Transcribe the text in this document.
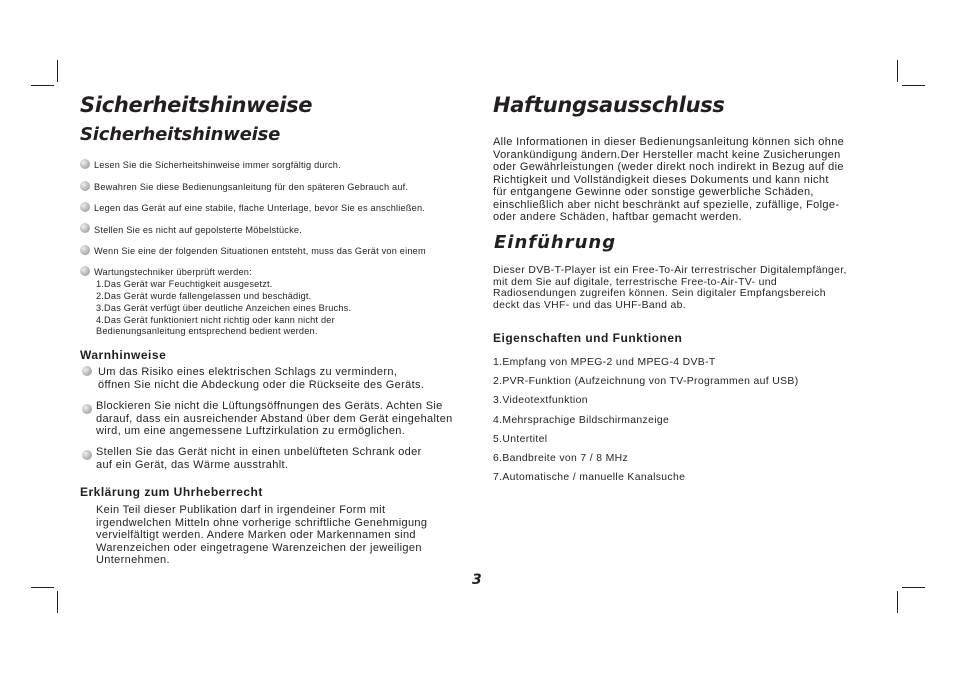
Sicherheitshinweise
Sicherheitshinweise
Lesen Sie die Sicherheitshinweise immer sorgfältig durch.
Bewahren Sie diese Bedienungsanleitung für den späteren Gebrauch auf.
Legen das Gerät auf eine stabile, flache Unterlage, bevor Sie es anschließen.
Stellen Sie es nicht auf gepolsterte Möbelstücke.
Wenn Sie eine der folgenden Situationen entsteht, muss das Gerät von einem
Wartungstechniker überprüft werden:
1.Das Gerät war Feuchtigkeit ausgesetzt.
2.Das Gerät wurde fallengelassen und beschädigt.
3.Das Gerät verfügt über deutliche Anzeichen eines Bruchs.
4.Das Gerät funktioniert nicht richtig oder kann nicht der
Bedienungsanleitung entsprechend bedient werden.
Warnhinweise
Um das Risiko eines elektrischen Schlags zu vermindern,
öffnen Sie nicht die Abdeckung oder die Rückseite des Geräts.
Blockieren Sie nicht die Lüftungsöffnungen des Geräts. Achten Sie
darauf, dass ein ausreichender Abstand über dem Gerät eingehalten
wird, um eine angemessene Luftzirkulation zu ermöglichen.
Stellen Sie das Gerät nicht in einen unbelüfteten Schrank oder
auf ein Gerät, das Wärme ausstrahlt.
Erklärung zum Uhrheberrecht
Kein Teil dieser Publikation darf in irgendeiner Form mit
irgendwelchen Mitteln ohne vorherige schriftliche Genehmigung
vervielfältigt werden. Andere Marken oder Markennamen sind
Warenzeichen oder eingetragene Warenzeichen der jeweiligen
Unternehmen.
Haftungsausschluss
Alle Informationen in dieser Bedienungsanleitung können sich ohne
Vorankündigung ändern.Der Hersteller macht keine Zusicherungen
oder Gewährleistungen (weder direkt noch indirekt in Bezug auf die
Richtigkeit und Vollständigkeit dieses Dokuments und kann nicht
für entgangene Gewinne oder sonstige gewerbliche Schäden,
einschließlich aber nicht beschränkt auf spezielle, zufällige, Folge-
oder andere Schäden, haftbar gemacht werden.
Einführung
Dieser DVB-T-Player ist ein Free-To-Air terrestrischer Digitalempfänger,
mit dem Sie auf digitale, terrestrische Free-to-Air-TV- und
Radiosendungen zugreifen können. Sein digitaler Empfangsbereich
deckt das VHF- und das UHF-Band ab.
Eigenschaften und Funktionen
1.Empfang von MPEG-2 und MPEG-4 DVB-T
2.PVR-Funktion (Aufzeichnung von TV-Programmen auf USB)
3.Videotextfunktion
4.Mehrsprachige Bildschirmanzeige
5.Untertitel
6.Bandbreite von 7 / 8 MHz
7.Automatische / manuelle Kanalsuche
3
